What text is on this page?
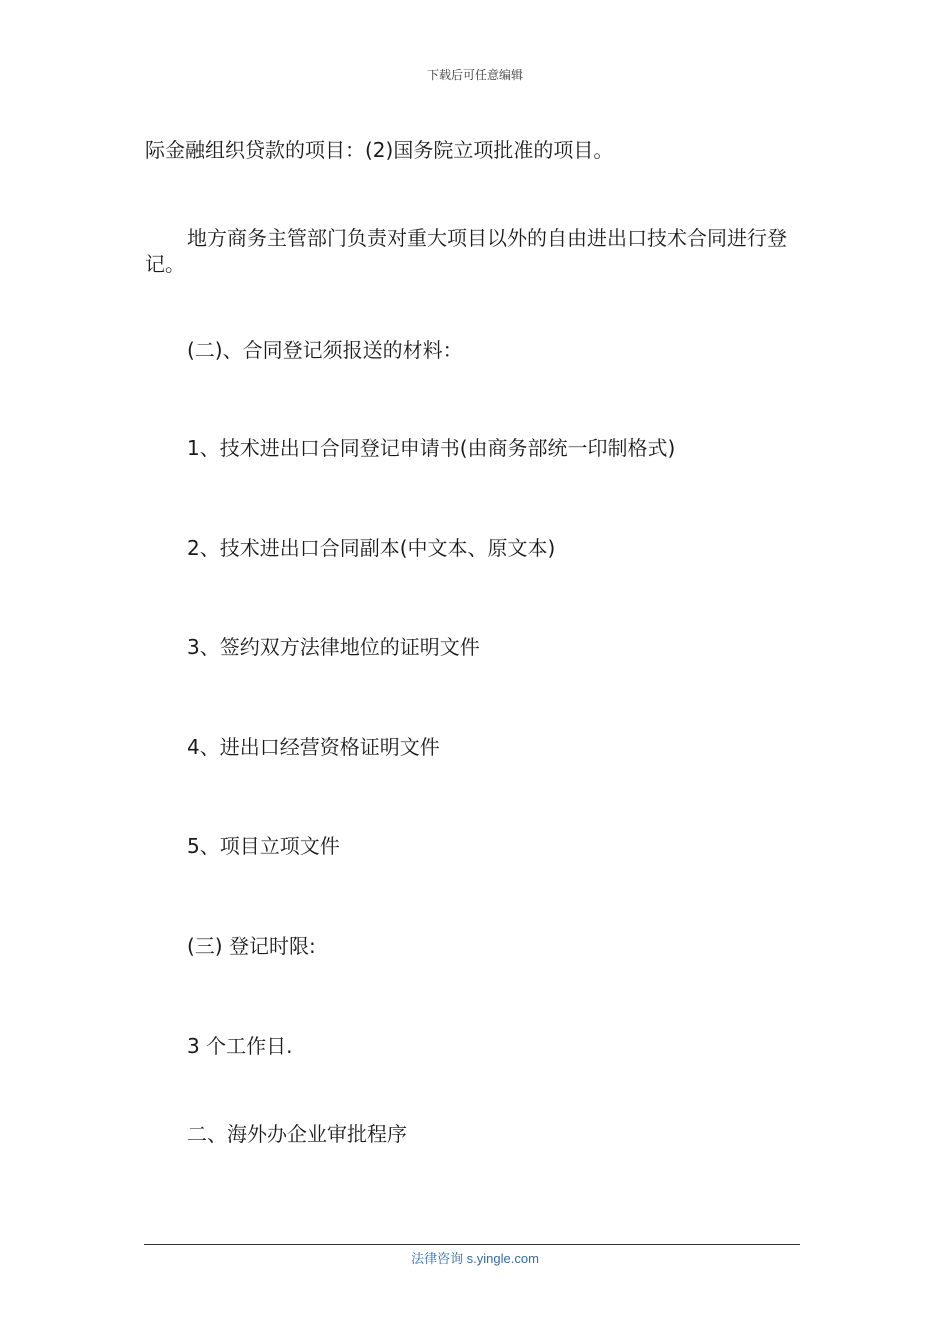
下载后可任意编辑
际金融组织贷款的项目：(2)国务院立项批准的项目。
地方商务主管部门负责对重大项目以外的自由进出口技术合同进行登记。
(二)、合同登记须报送的材料：
1、技术进出口合同登记申请书(由商务部统一印制格式)
2、技术进出口合同副本(中文本、原文本)
3、签约双方法律地位的证明文件
4、进出口经营资格证明文件
5、项目立项文件
(三) 登记时限:
3 个工作日.
二、海外办企业审批程序
法律咨询 s.yingle.com
